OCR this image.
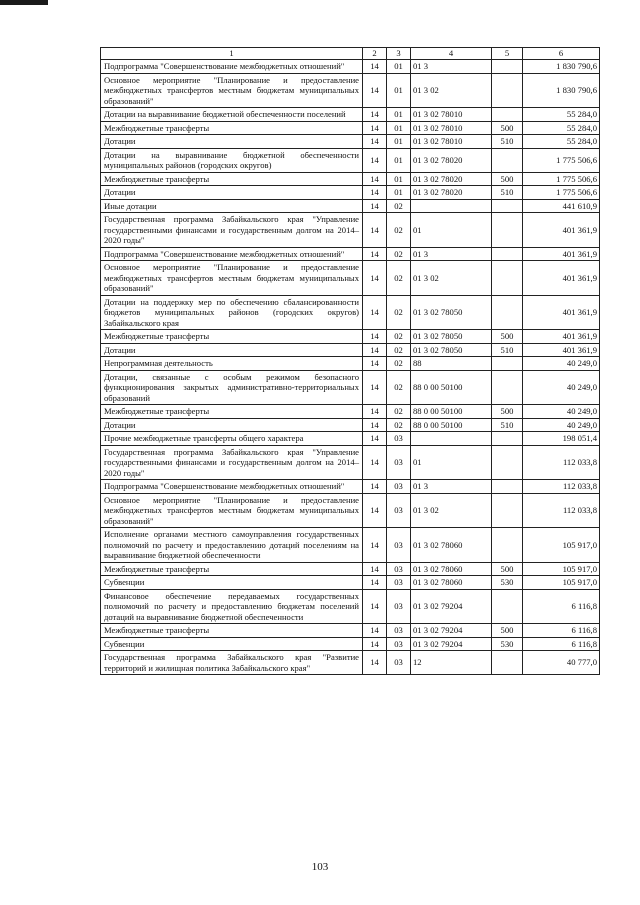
1	2	3	4	5	6
Подпрограмма "Совершенствование межбюджетных отношений"	14	01	01 3		1 830 790,6
Основное мероприятие "Планирование и предоставление межбюджетных трансфертов местным бюджетам муниципальных образований"	14	01	01 3 02		1 830 790,6
Дотации на выравнивание бюджетной обеспеченности поселений	14	01	01 3 02 78010		55 284,0
Межбюджетные трансферты	14	01	01 3 02 78010	500	55 284,0
Дотации	14	01	01 3 02 78010	510	55 284,0
Дотации на выравнивание бюджетной обеспеченности муниципальных районов (городских округов)	14	01	01 3 02 78020		1 775 506,6
Межбюджетные трансферты	14	01	01 3 02 78020	500	1 775 506,6
Дотации	14	01	01 3 02 78020	510	1 775 506,6
Иные дотации	14	02			441 610,9
Государственная программа Забайкальского края "Управление государственными финансами и государственным долгом на 2014–2020 годы"	14	02	01		401 361,9
Подпрограмма "Совершенствование межбюджетных отношений"	14	02	01 3		401 361,9
Основное мероприятие "Планирование и предоставление межбюджетных трансфертов местным бюджетам муниципальных образований"	14	02	01 3 02		401 361,9
Дотации на поддержку мер по обеспечению сбалансированности бюджетов муниципальных районов (городских округов) Забайкальского края	14	02	01 3 02 78050		401 361,9
Межбюджетные трансферты	14	02	01 3 02 78050	500	401 361,9
Дотации	14	02	01 3 02 78050	510	401 361,9
Непрограммная деятельность	14	02	88		40 249,0
Дотации, связанные с особым режимом безопасного функционирования закрытых административно-территориальных образований	14	02	88 0 00 50100		40 249,0
Межбюджетные трансферты	14	02	88 0 00 50100	500	40 249,0
Дотации	14	02	88 0 00 50100	510	40 249,0
Прочие межбюджетные трансферты общего характера	14	03			198 051,4
Государственная программа Забайкальского края "Управление государственными финансами и государственным долгом на 2014–2020 годы"	14	03	01		112 033,8
Подпрограмма "Совершенствование межбюджетных отношений"	14	03	01 3		112 033,8
Основное мероприятие "Планирование и предоставление межбюджетных трансфертов местным бюджетам муниципальных образований"	14	03	01 3 02		112 033,8
Исполнение органами местного самоуправления государственных полномочий по расчету и предоставлению дотаций поселениям на выравнивание бюджетной обеспеченности	14	03	01 3 02 78060		105 917,0
Межбюджетные трансферты	14	03	01 3 02 78060	500	105 917,0
Субвенции	14	03	01 3 02 78060	530	105 917,0
Финансовое обеспечение передаваемых государственных полномочий по расчету и предоставлению бюджетам поселений дотаций на выравнивание бюджетной обеспеченности	14	03	01 3 02 79204		6 116,8
Межбюджетные трансферты	14	03	01 3 02 79204	500	6 116,8
Субвенции	14	03	01 3 02 79204	530	6 116,8
Государственная программа Забайкальского края "Развитие территорий и жилищная политика Забайкальского края"	14	03	12		40 777,0
103
